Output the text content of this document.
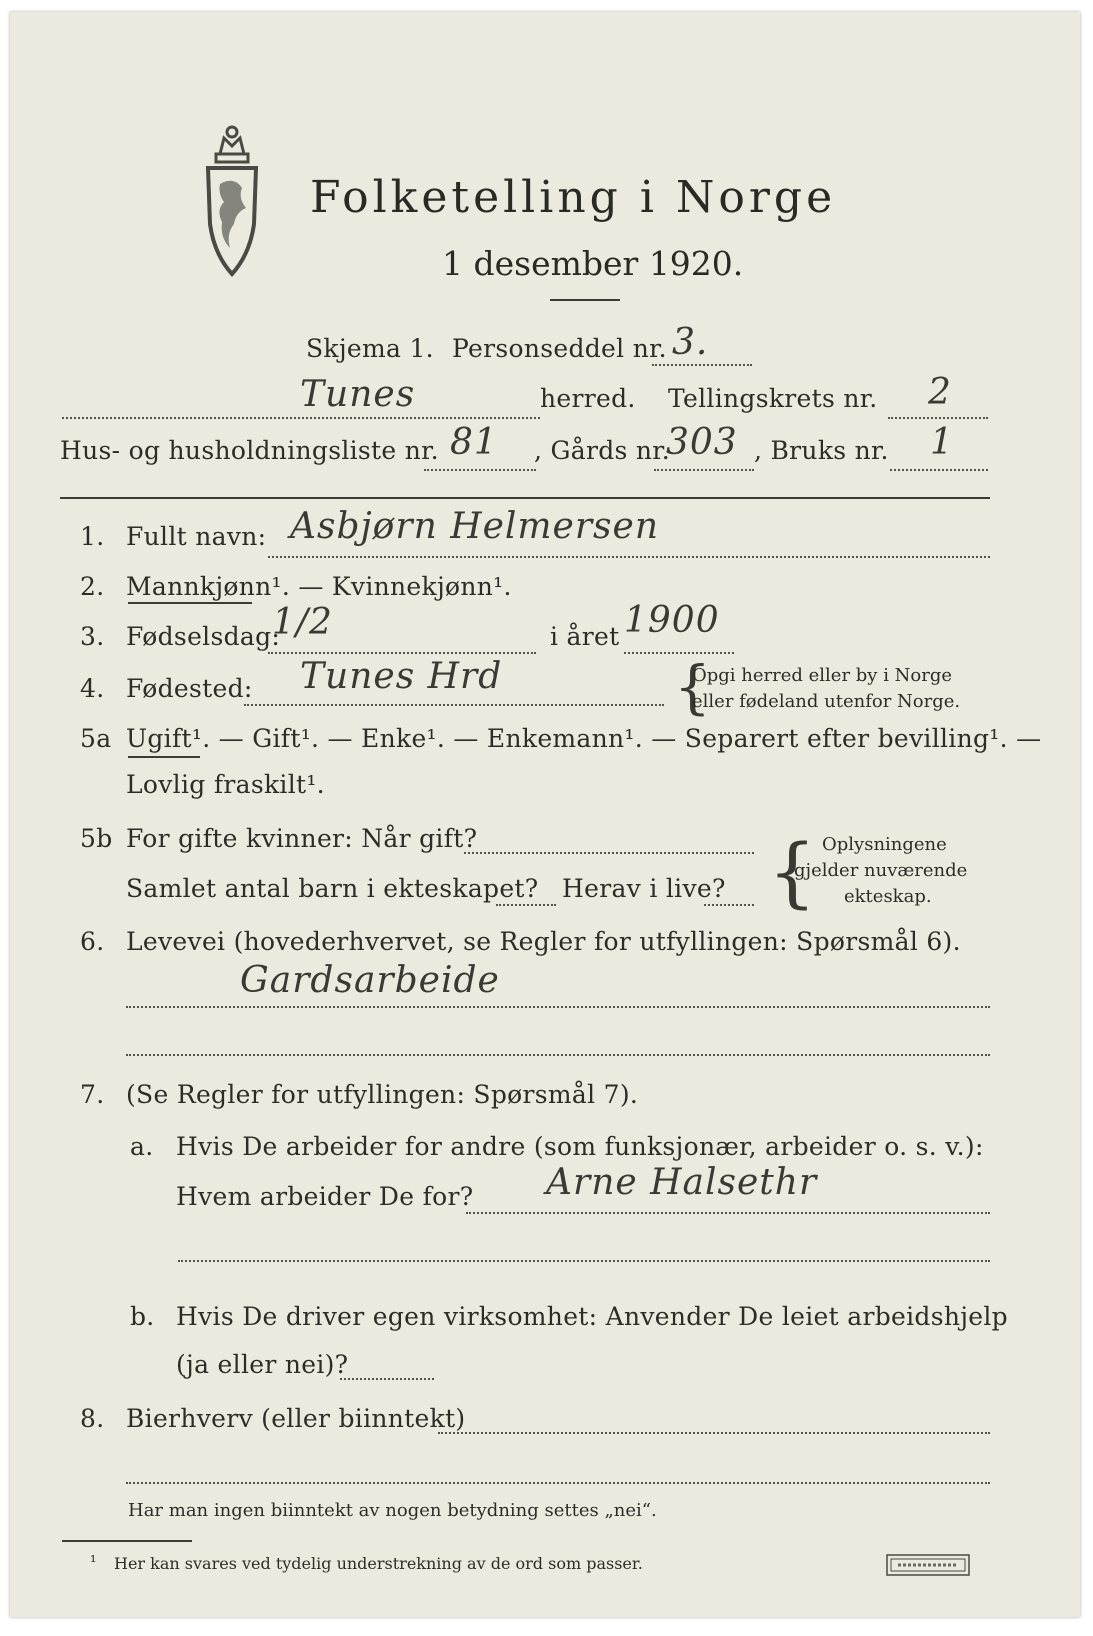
Folketelling i Norge
1 desember 1920.
Skjema 1. Personseddel nr. 3.
Tunes	herred. Tellingskrets nr. 2
Hus- og husholdningsliste nr. 81 , Gårds nr.
303 , Bruks nr. 1
1. Fullt navn: Asbjørn Helmersen
2. Mannkjønn¹. — Kvinnekjønn¹.
3. Fødselsdag:
1/2	i året 1900
4. Fødested: Tunes Hrd	{
Opgi herred eller by i Norge
eller fødeland utenfor Norge.
5a Ugift¹. — Gift¹. — Enke¹. — Enkemann¹. — Separert efter bevilling¹. —
Lovlig fraskilt¹.
5b For gifte kvinner: Når gift?
Samlet antal barn i ekteskapet? Herav i live? { Oplysningene
gjelder nuværende
ekteskap.
6. Levevei (hovederhvervet, se Regler for utfyllingen: Spørsmål 6).
Gardsarbeide
7. (Se Regler for utfyllingen: Spørsmål 7).
a. Hvis De arbeider for andre (som funksjonær, arbeider o. s. v.):
Hvem arbeider De for? Arne Halsethr
b. Hvis De driver egen virksomhet: Anvender De leiet arbeidshjelp
(ja eller nei)?
8. Bierhverv (eller biinntekt)
Har man ingen biinntekt av nogen betydning settes „nei“.
¹ Her kan svares ved tydelig understrekning av de ord som passer.
